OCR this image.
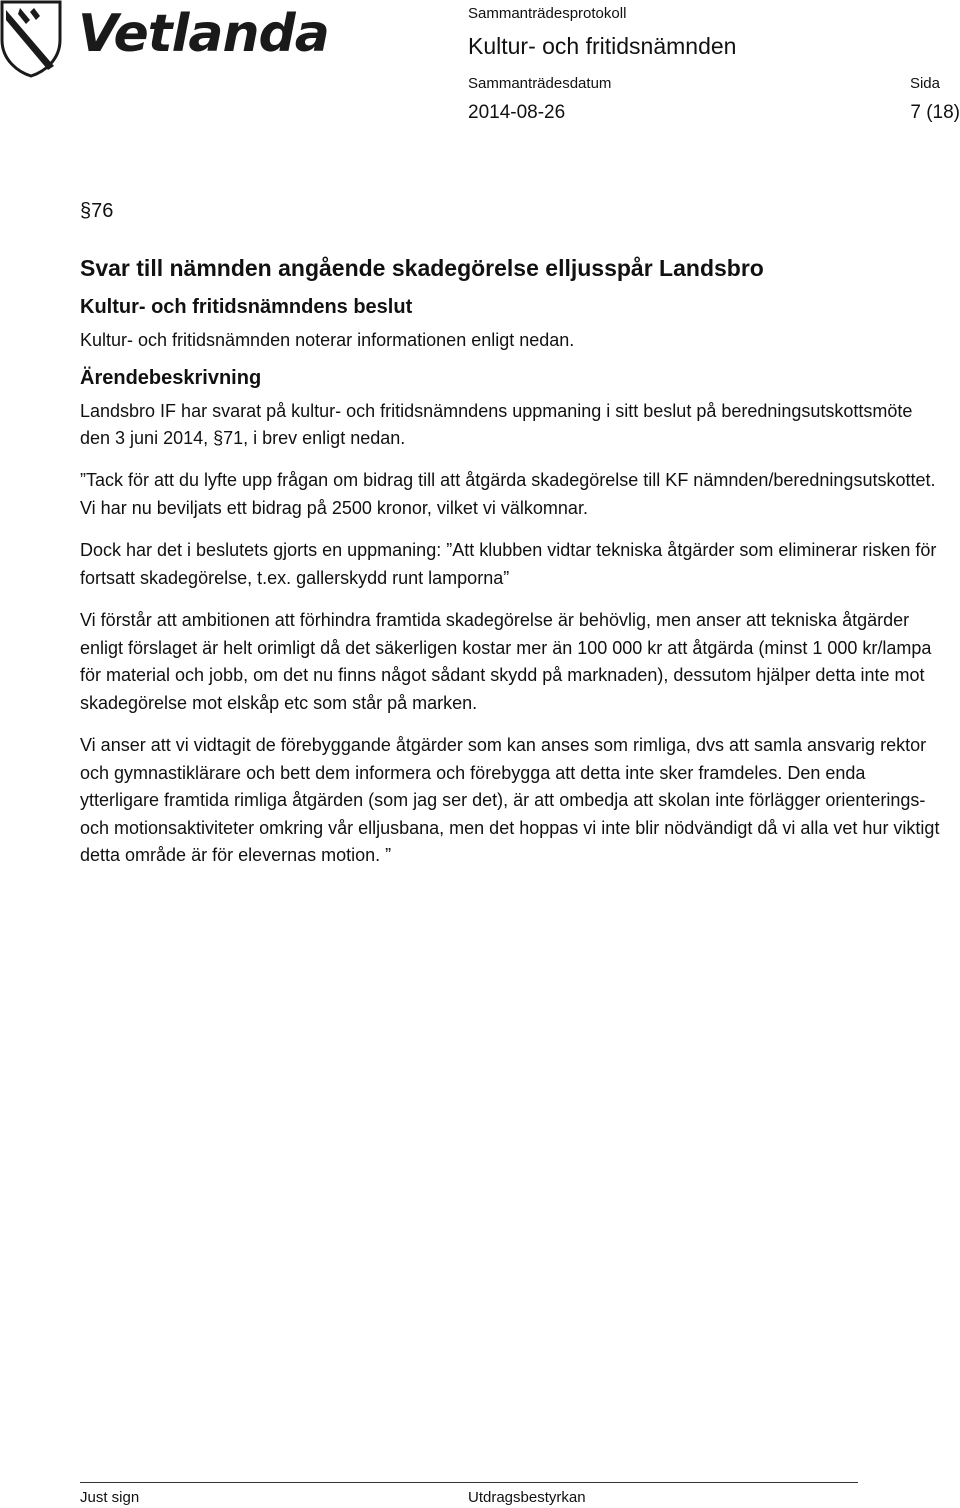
Vetlanda	Sammanträdesprotokoll
Kultur- och fritidsnämnden
Sammanträdesdatum	Sida
2014-08-26	7 (18)

§76

Svar till nämnden angående skadegörelse elljusspår Landsbro
Kultur- och fritidsnämndens beslut

Kultur- och fritidsnämnden noterar informationen enligt nedan.

Ärendebeskrivning

Landsbro IF har svarat på kultur- och fritidsnämndens uppmaning i sitt beslut på beredningsutskottsmöte den 3 juni 2014, §71, i brev enligt nedan.

”Tack för att du lyfte upp frågan om bidrag till att åtgärda skadegörelse till KF nämnden/beredningsutskottet. Vi har nu beviljats ett bidrag på 2500 kronor, vilket vi välkomnar.

Dock har det i beslutets gjorts en uppmaning: ”Att klubben vidtar tekniska åtgärder som eliminerar risken för fortsatt skadegörelse, t.ex. gallerskydd runt lamporna”

Vi förstår att ambitionen att förhindra framtida skadegörelse är behövlig, men anser att tekniska åtgärder enligt förslaget är helt orimligt då det säkerligen kostar mer än 100 000 kr att åtgärda (minst 1 000 kr/lampa för material och jobb, om det nu finns något sådant skydd på marknaden), dessutom hjälper detta inte mot skadegörelse mot elskåp etc som står på marken.

Vi anser att vi vidtagit de förebyggande åtgärder som kan anses som rimliga, dvs att samla ansvarig rektor och gymnastiklärare och bett dem informera och förebygga att detta inte sker framdeles. Den enda ytterligare framtida rimliga åtgärden (som jag ser det), är att ombedja att skolan inte förlägger orienterings- och motionsaktiviteter omkring vår elljusbana, men det hoppas vi inte blir nödvändigt då vi alla vet hur viktigt detta område är för elevernas motion. ”

Just sign	Utdragsbestyrkan
